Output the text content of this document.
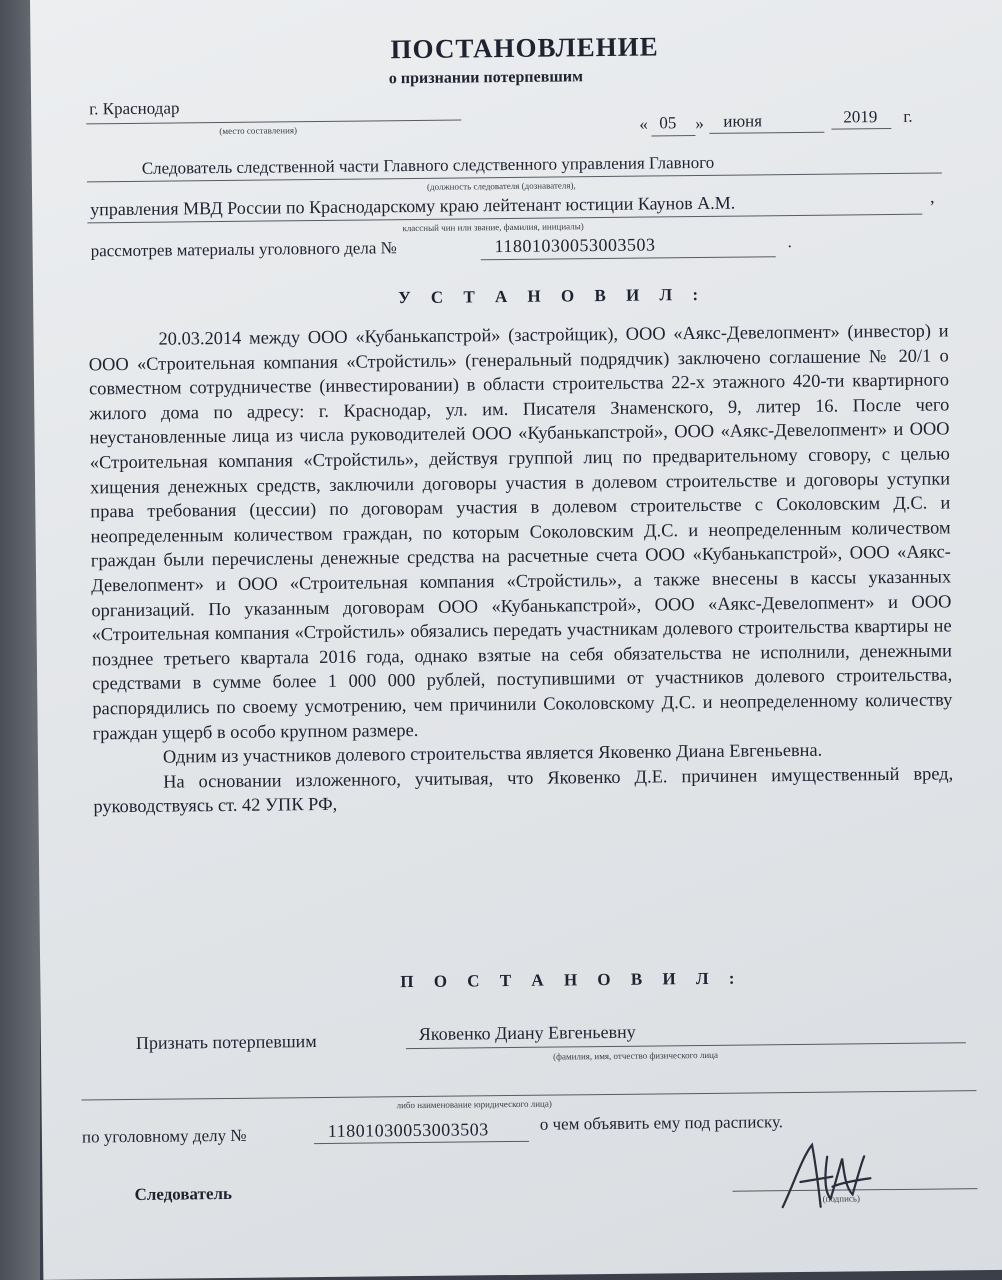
ПОСТАНОВЛЕНИЕ
о признании потерпевшим
г. Краснодар
(место составления)	« 05 » июня	2019 г.
Следователь следственной части Главного следственного управления Главного
(должность следователя (дознавателя),
управления МВД России по Краснодарскому краю лейтенант юстиции Каунов А.М.	,
классный чин или звание, фамилия, инициалы)
рассмотрев материалы уголовного дела №	11801030053003503	.
У С Т А Н О В И Л :

20.03.2014 между ООО «Кубанькапстрой» (застройщик), ООО «Аякс-Девелопмент» (инвестор) и ООО «Строительная компания «Стройстиль» (генеральный подрядчик) заключено соглашение № 20/1 о совместном сотрудничестве (инвестировании) в области строительства 22-х этажного 420-ти квартирного жилого дома по адресу: г. Краснодар, ул. им. Писателя Знаменского, 9, литер 16. После чего неустановленные лица из числа руководителей ООО «Кубанькапстрой», ООО «Аякс-Девелопмент» и ООО «Строительная компания «Стройстиль», действуя группой лиц по предварительному сговору, с целью хищения денежных средств, заключили договоры участия в долевом строительстве и договоры уступки права требования (цессии) по договорам участия в долевом строительстве с Соколовским Д.С. и неопределенным количеством граждан, по которым Соколовским Д.С. и неопределенным количеством граждан были перечислены денежные средства на расчетные счета ООО «Кубанькапстрой», ООО «Аякс-Девелопмент» и ООО «Строительная компания «Стройстиль», а также внесены в кассы указанных организаций. По указанным договорам ООО «Кубанькапстрой», ООО «Аякс-Девелопмент» и ООО «Строительная компания «Стройстиль» обязались передать участникам долевого строительства квартиры не позднее третьего квартала 2016 года, однако взятые на себя обязательства не исполнили, денежными средствами в сумме более 1 000 000 рублей, поступившими от участников долевого строительства, распорядились по своему усмотрению, чем причинили Соколовскому Д.С. и неопределенному количеству граждан ущерб в особо крупном размере.

Одним из участников долевого строительства является Яковенко Диана Евгеньевна.

На основании изложенного, учитывая, что Яковенко Д.Е. причинен имущественный вред, руководствуясь ст. 42 УПК РФ,

П О С Т А Н О В И Л :
Признать потерпевшим	Яковенко Диану Евгеньевну
(фамилия, имя, отчество физического лица
либо наименование юридического лица)
по уголовному делу №	11801030053003503	о чем объявить ему под расписку.
Следователь	(подпись)
